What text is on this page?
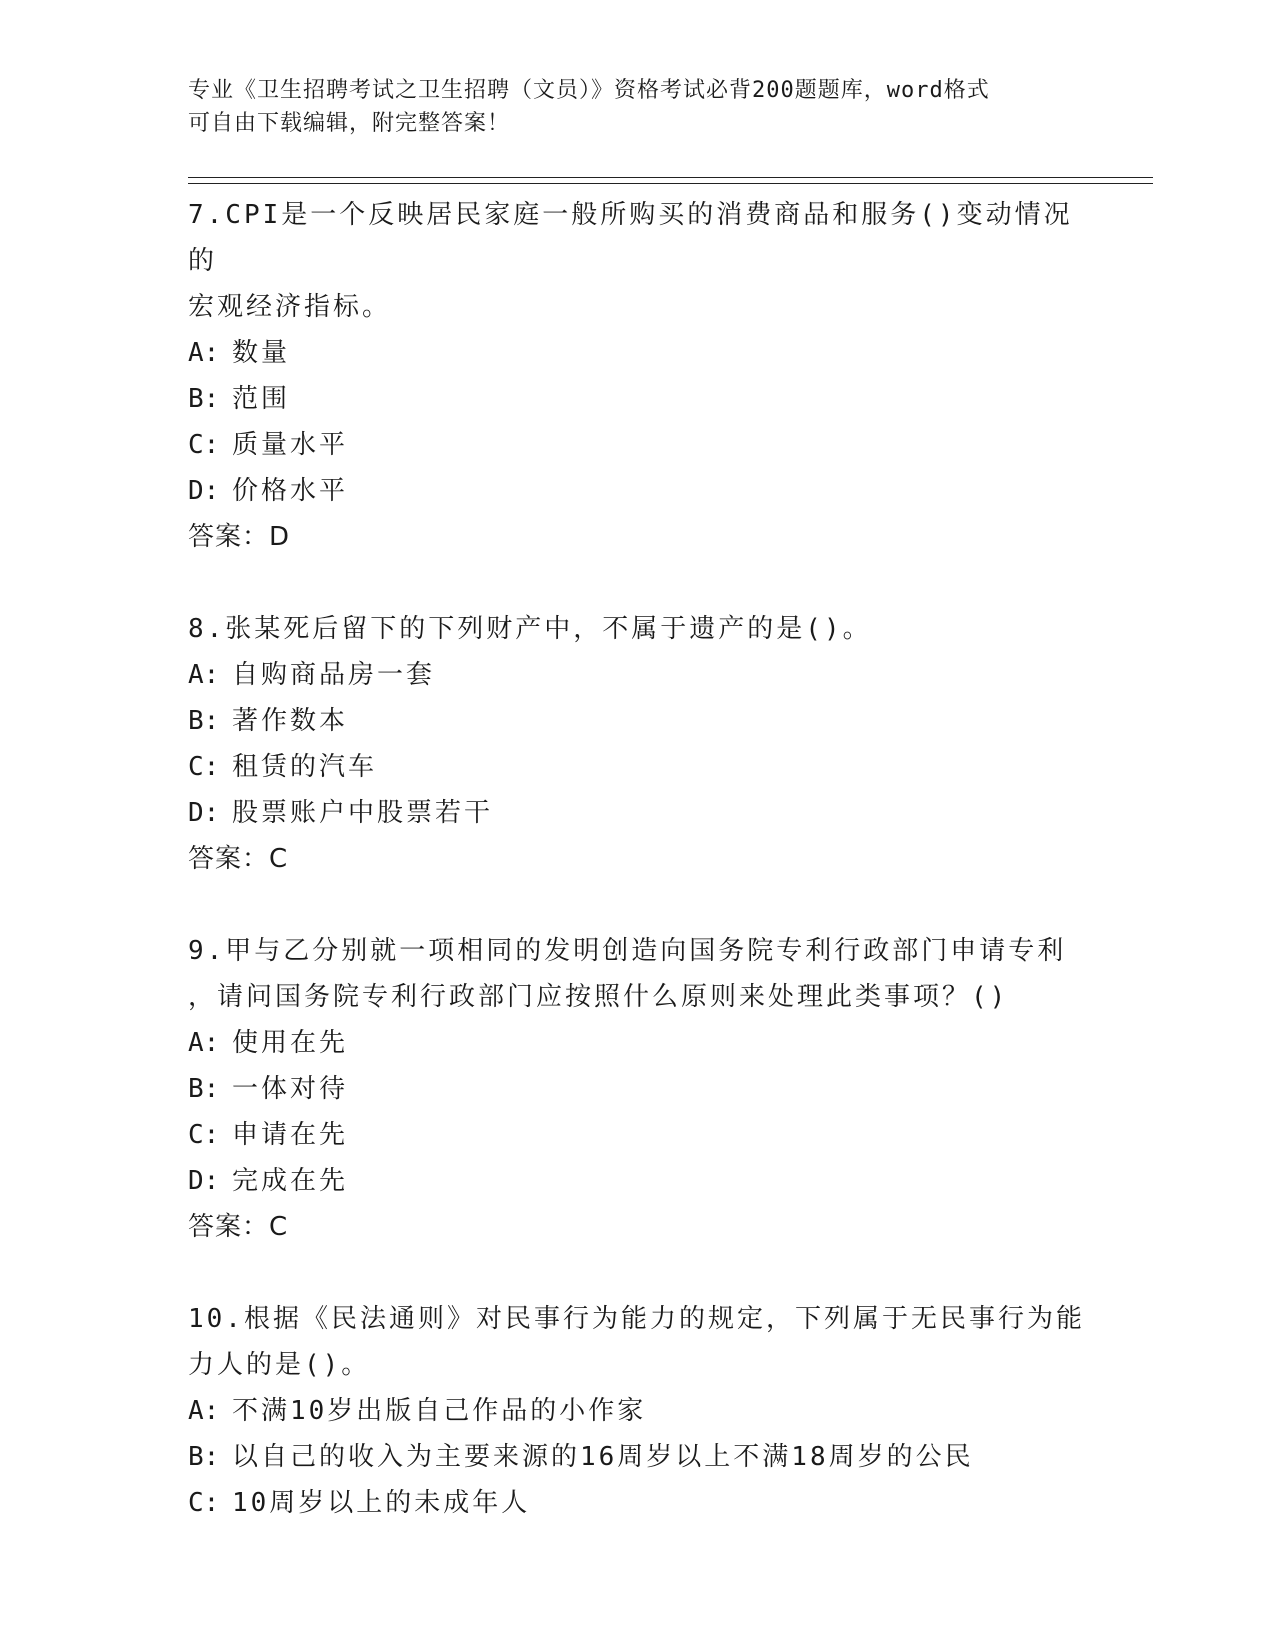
专业《卫生招聘考试之卫生招聘（文员）》资格考试必背200题题库，word格式
可自由下载编辑，附完整答案！
7.CPI是一个反映居民家庭一般所购买的消费商品和服务()变动情况的
宏观经济指标。
A: 数量
B: 范围
C: 质量水平
D: 价格水平
答案：D
8.张某死后留下的下列财产中，不属于遗产的是()。
A: 自购商品房一套
B: 著作数本
C: 租赁的汽车
D: 股票账户中股票若干
答案：C
9.甲与乙分别就一项相同的发明创造向国务院专利行政部门申请专利
，请问国务院专利行政部门应按照什么原则来处理此类事项？()
A: 使用在先
B: 一体对待
C: 申请在先
D: 完成在先
答案：C
10.根据《民法通则》对民事行为能力的规定，下列属于无民事行为能
力人的是()。
A: 不满10岁出版自己作品的小作家
B: 以自己的收入为主要来源的16周岁以上不满18周岁的公民
C: 10周岁以上的未成年人
